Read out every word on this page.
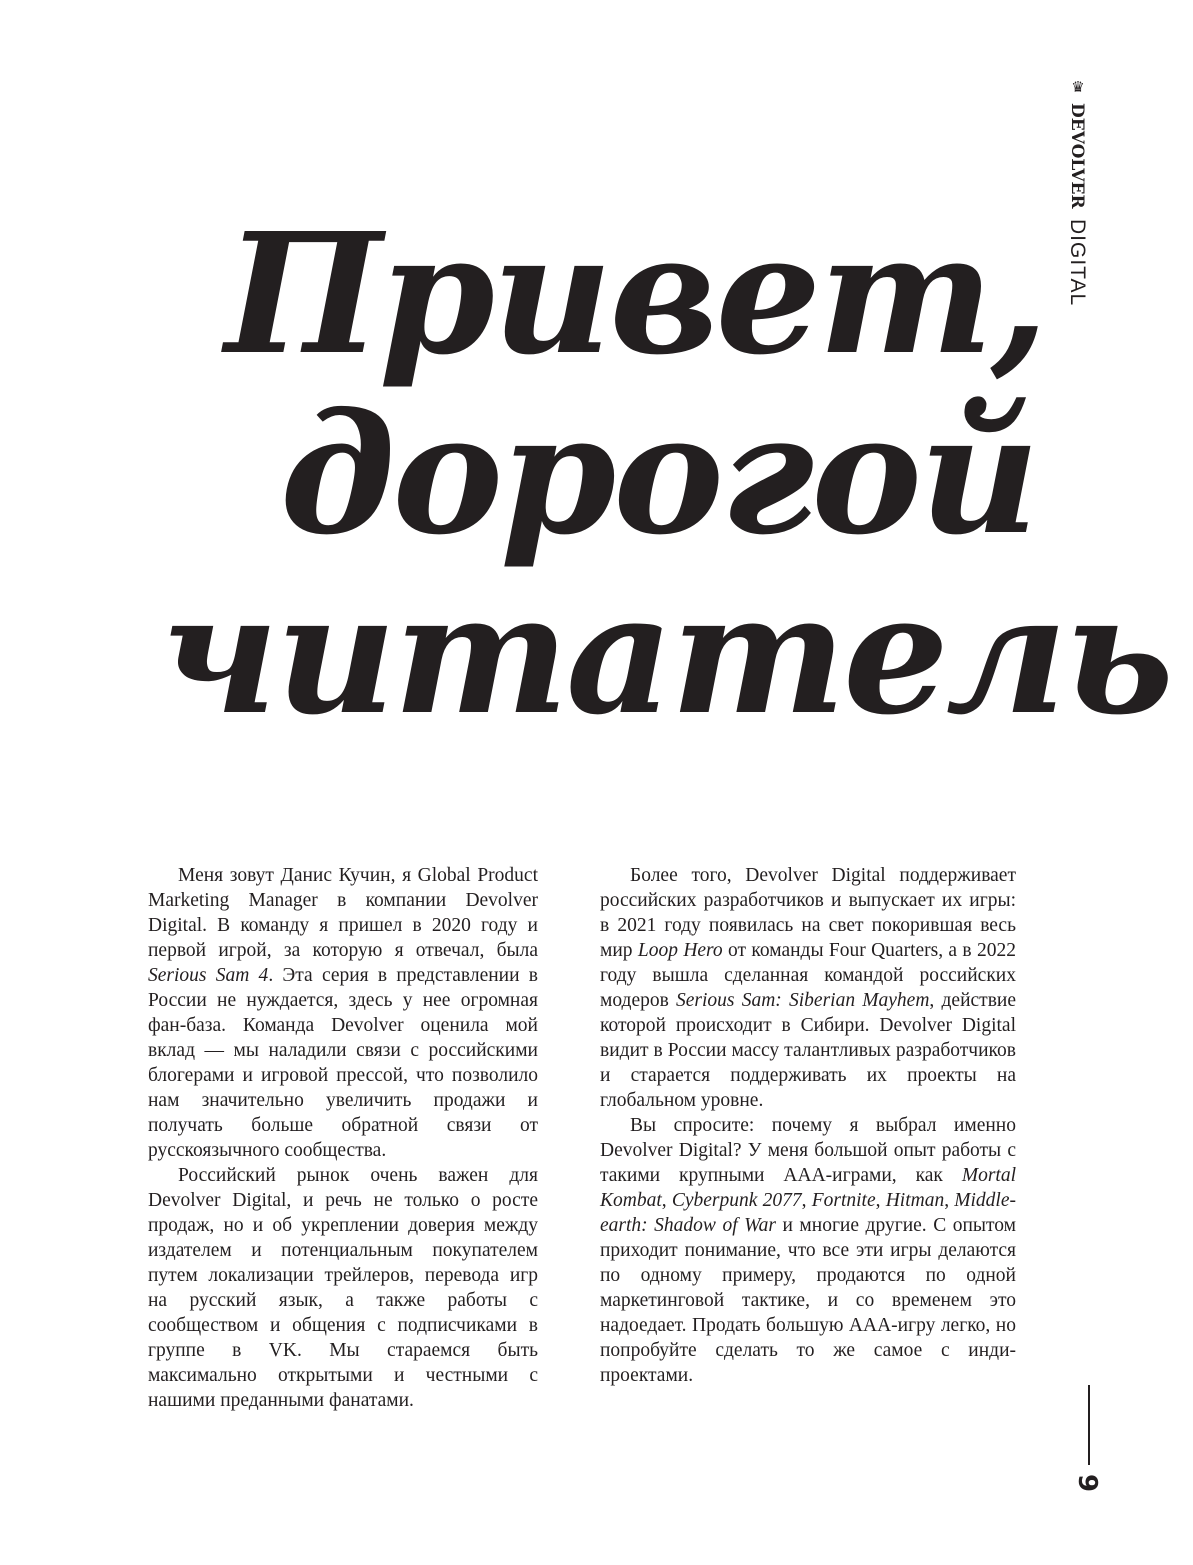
♛DEVOLVER DIGITAL
Привет,
дорогой
читатель

Меня зовут Данис Кучин, я Global Product Marketing Manager в компании Devolver Digital. В команду я пришел в 2020 году и первой игрой, за которую я отвечал, была Serious Sam 4. Эта серия в представлении в России не нуждается, здесь у нее огромная фан-база. Команда Devolver оценила мой вклад — мы наладили связи с российскими блогерами и игровой прессой, что позволило нам значительно увеличить продажи и получать больше обратной связи от русскоязычного сообщества.

Российский рынок очень важен для Devolver Digital, и речь не только о росте продаж, но и об укреплении доверия между издателем и потенциальным покупателем путем локализации трейлеров, перевода игр на русский язык, а также работы с сообществом и общения с подписчиками в группе в VK. Мы стараемся быть максимально открытыми и честными с нашими преданными фанатами.

Более того, Devolver Digital поддерживает российских разработчиков и выпускает их игры: в 2021 году появилась на свет покорившая весь мир Loop Hero от команды Four Quarters, а в 2022 году вышла сделанная командой российских модеров Serious Sam: Siberian Mayhem, действие которой происходит в Сибири. Devolver Digital видит в России массу талантливых разработчиков и старается поддерживать их проекты на глобальном уровне.

Вы спросите: почему я выбрал именно Devolver Digital? У меня большой опыт работы с такими крупными AAA-играми, как Mortal Kombat, Cyberpunk 2077, Fortnite, Hitman, Middle-earth: Shadow of War и многие другие. С опытом приходит понимание, что все эти игры делаются по одному примеру, продаются по одной маркетинговой тактике, и со временем это надоедает. Продать большую AAA-игру легко, но попробуйте сделать то же самое с инди-проектами.

9
